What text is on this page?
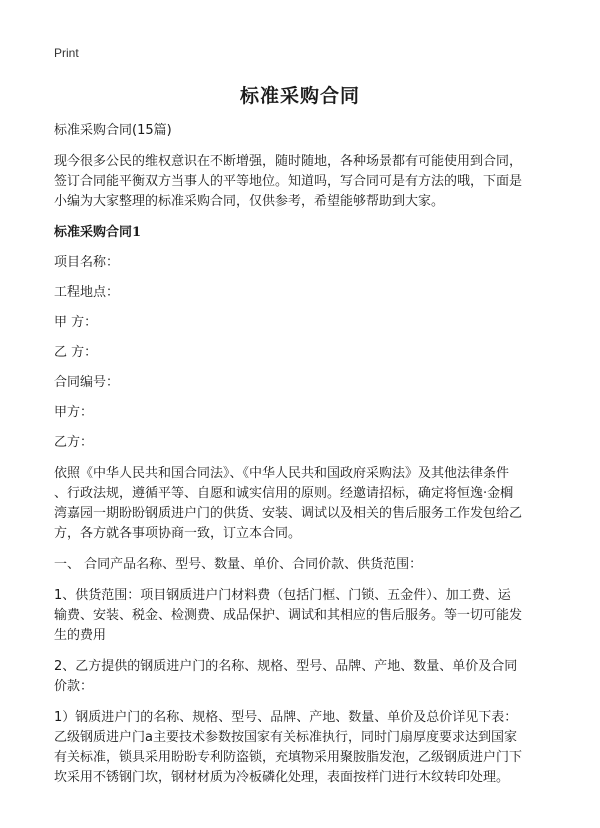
Print
标准采购合同

标准采购合同(15篇)

现今很多公民的维权意识在不断增强，随时随地，各种场景都有可能使用到合同，

签订合同能平衡双方当事人的平等地位。知道吗，写合同可是有方法的哦，下面是

小编为大家整理的标准采购合同，仅供参考，希望能够帮助到大家。

标准采购合同1

项目名称：

工程地点：

甲 方：

乙 方：

合同编号：

甲方：

乙方：

依照《中华人民共和国合同法》、《中华人民共和国政府采购法》及其他法律条件

、行政法规，遵循平等、自愿和诚实信用的原则。经邀请招标，确定将恒逸·金榈

湾嘉园一期盼盼钢质进户门的供货、安装、调试以及相关的售后服务工作发包给乙

方，各方就各事项协商一致，订立本合同。

一、 合同产品名称、型号、数量、单价、合同价款、供货范围：

1、供货范围：项目钢质进户门材料费（包括门框、门锁、五金件）、加工费、运

输费、安装、税金、检测费、成品保护、调试和其相应的售后服务。等一切可能发

生的费用

2、乙方提供的钢质进户门的名称、规格、型号、品牌、产地、数量、单价及合同

价款：

1）钢质进户门的名称、规格、型号、品牌、产地、数量、单价及总价详见下表：

乙级钢质进户门a主要技术参数按国家有关标准执行，同时门扇厚度要求达到国家

有关标准，锁具采用盼盼专利防盗锁，充填物采用聚胺脂发泡，乙级钢质进户门下

坎采用不锈钢门坎，钢材材质为冷板磷化处理，表面按样门进行木纹转印处理。
